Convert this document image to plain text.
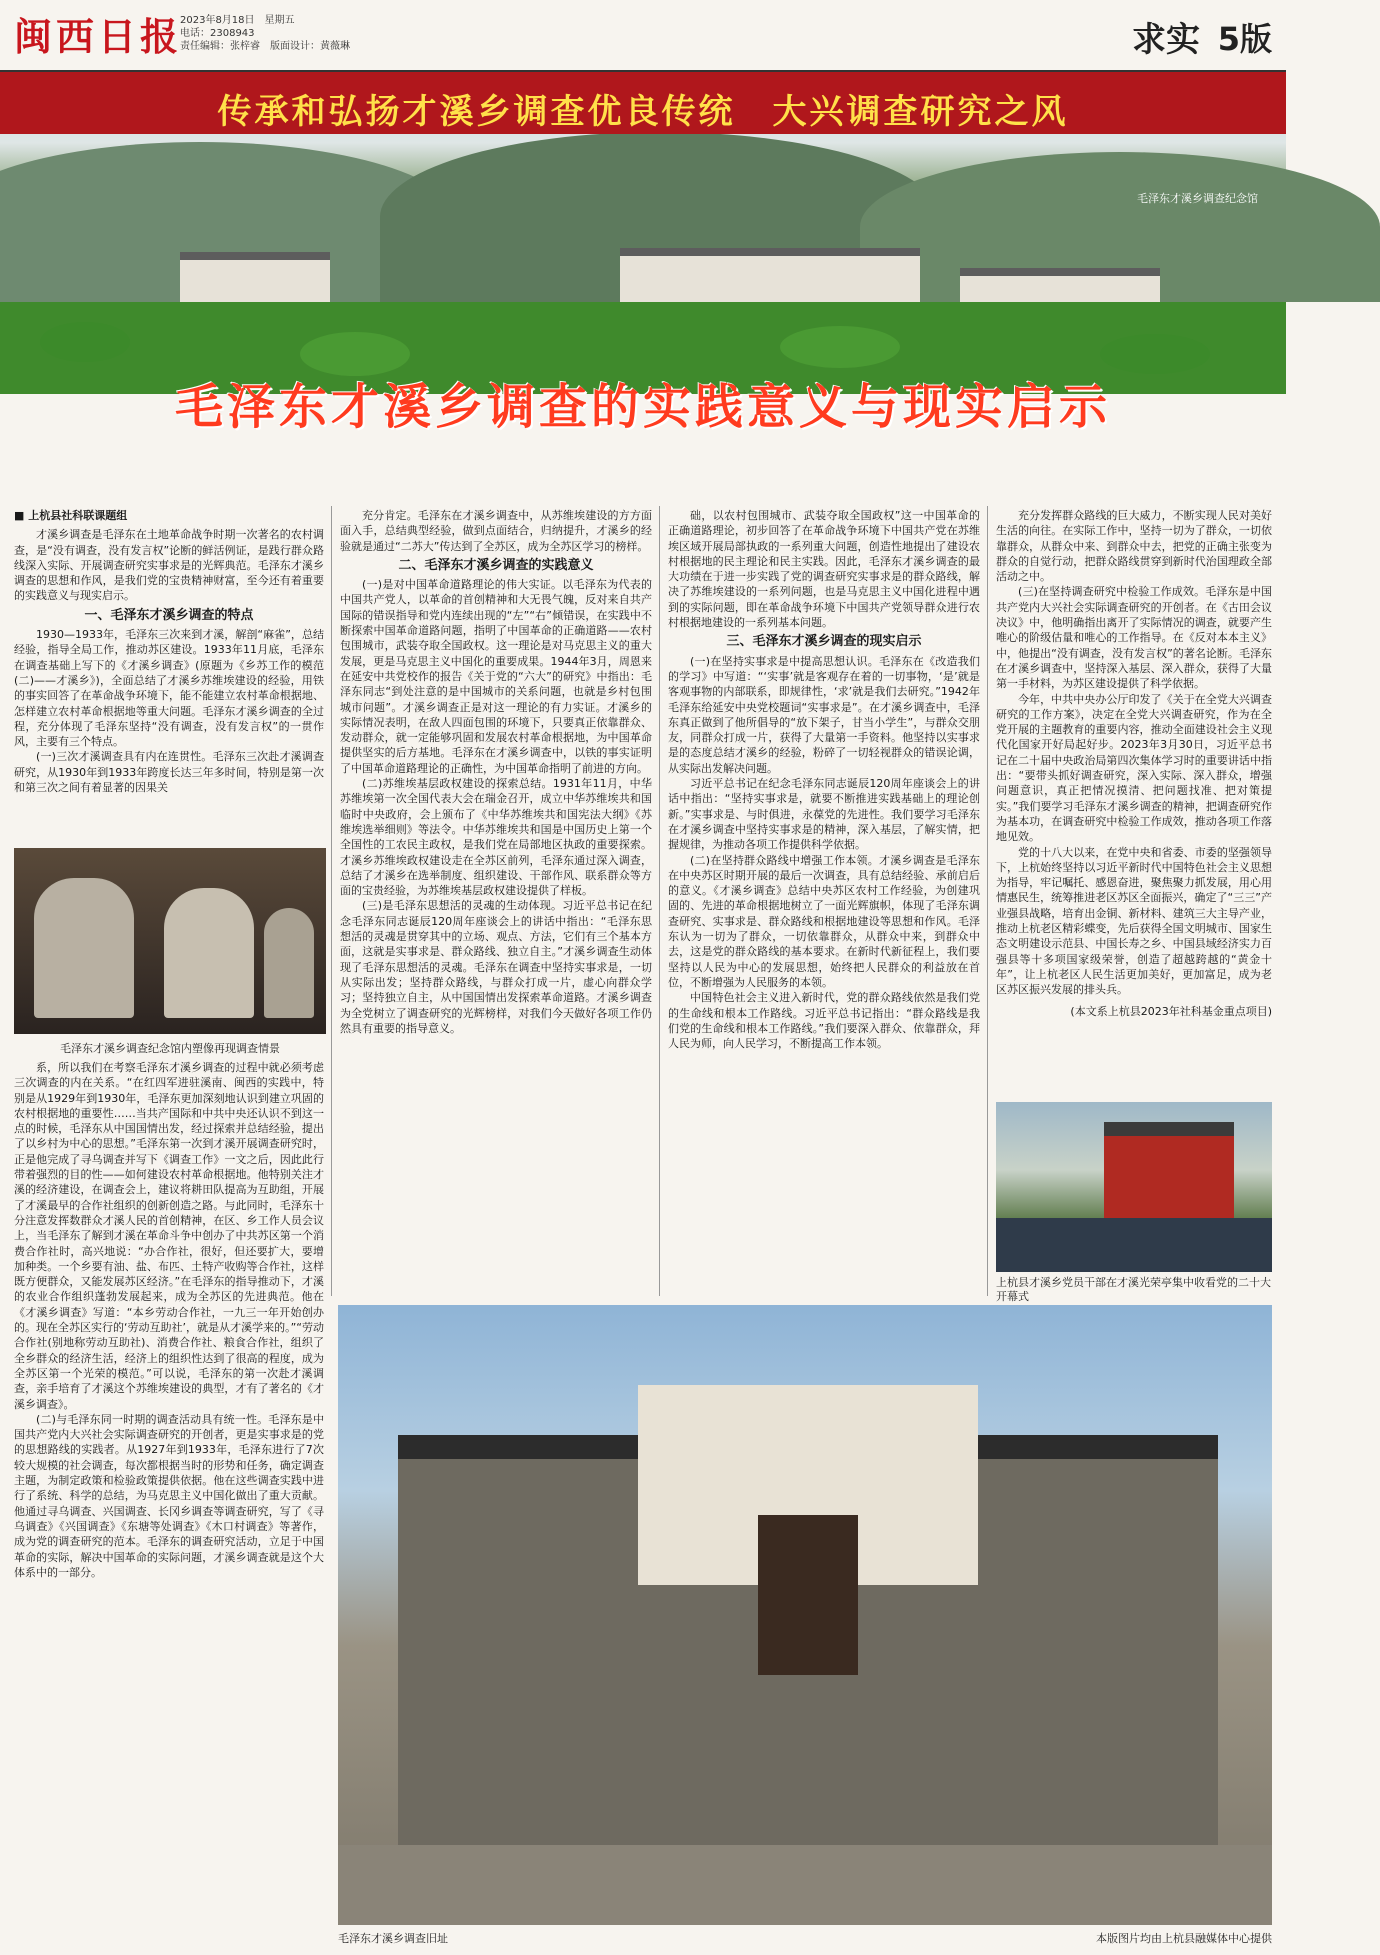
闽西日报
2023年8月18日　星期五
电话：2308943
责任编辑：张梓睿　版面设计：黄薇琳	求实 5版
传承和弘扬才溪乡调查优良传统　大兴调查研究之风
毛泽东才溪乡调查纪念馆
毛泽东才溪乡调查的实践意义与现实启示
■ 上杭县社科联课题组

才溪乡调查是毛泽东在土地革命战争时期一次著名的农村调查，是“没有调查，没有发言权”论断的鲜活例证，是践行群众路线深入实际、开展调查研究实事求是的光辉典范。毛泽东才溪乡调查的思想和作风，是我们党的宝贵精神财富，至今还有着重要的实践意义与现实启示。

一、毛泽东才溪乡调查的特点

1930—1933年，毛泽东三次来到才溪，解剖“麻雀”，总结经验，指导全局工作，推动苏区建设。1933年11月底，毛泽东在调查基础上写下的《才溪乡调查》(原题为《乡苏工作的模范(二)——才溪乡》)，全面总结了才溪乡苏维埃建设的经验，用铁的事实回答了在革命战争环境下，能不能建立农村革命根据地、怎样建立农村革命根据地等重大问题。毛泽东才溪乡调查的全过程，充分体现了毛泽东坚持“没有调查，没有发言权”的一贯作风，主要有三个特点。

(一)三次才溪调查具有内在连贯性。毛泽东三次赴才溪调查研究，从1930年到1933年跨度长达三年多时间，特别是第一次和第三次之间有着显著的因果关

毛泽东才溪乡调查纪念馆内塑像再现调查情景

系，所以我们在考察毛泽东才溪乡调查的过程中就必须考虑三次调查的内在关系。“在红四军进驻溪南、闽西的实践中，特别是从1929年到1930年，毛泽东更加深刻地认识到建立巩固的农村根据地的重要性……当共产国际和中共中央还认识不到这一点的时候，毛泽东从中国国情出发，经过探索并总结经验，提出了以乡村为中心的思想。”毛泽东第一次到才溪开展调查研究时，正是他完成了寻乌调查并写下《调查工作》一文之后，因此此行带着强烈的目的性——如何建设农村革命根据地。他特别关注才溪的经济建设，在调查会上，建议将耕田队提高为互助组，开展了才溪最早的合作社组织的创新创造之路。与此同时，毛泽东十分注意发挥数群众才溪人民的首创精神，在区、乡工作人员会议上，当毛泽东了解到才溪在革命斗争中创办了中共苏区第一个消费合作社时，高兴地说：“办合作社，很好，但还要扩大，要增加种类。一个乡要有油、盐、布匹、土特产收购等合作社，这样既方便群众，又能发展苏区经济。”在毛泽东的指导推动下，才溪的农业合作组织蓬勃发展起来，成为全苏区的先进典范。他在《才溪乡调查》写道：“本乡劳动合作社，一九三一年开始创办的。现在全苏区实行的‘劳动互助社’，就是从才溪学来的。”“劳动合作社(别地称劳动互助社)、消费合作社、粮食合作社，组织了全乡群众的经济生活，经济上的组织性达到了很高的程度，成为全苏区第一个光荣的模范。”可以说，毛泽东的第一次赴才溪调查，亲手培育了才溪这个苏维埃建设的典型，才有了著名的《才溪乡调查》。

(二)与毛泽东同一时期的调查活动具有统一性。毛泽东是中国共产党内大兴社会实际调查研究的开创者，更是实事求是的党的思想路线的实践者。从1927年到1933年，毛泽东进行了7次较大规模的社会调查，每次都根据当时的形势和任务，确定调查主题，为制定政策和检验政策提供依据。他在这些调查实践中进行了系统、科学的总结，为马克思主义中国化做出了重大贡献。他通过寻乌调查、兴国调查、长冈乡调查等调查研究，写了《寻乌调查》《兴国调查》《东塘等处调查》《木口村调查》等著作，成为党的调查研究的范本。毛泽东的调查研究活动，立足于中国革命的实际，解决中国革命的实际问题，才溪乡调查就是这个大体系中的一部分。

充分肯定。毛泽东在才溪乡调查中，从苏维埃建设的方方面面入手，总结典型经验，做到点面结合，归纳提升，才溪乡的经验就是通过“二苏大”传达到了全苏区，成为全苏区学习的榜样。

二、毛泽东才溪乡调查的实践意义

(一)是对中国革命道路理论的伟大实证。以毛泽东为代表的中国共产党人，以革命的首创精神和大无畏气魄，反对来自共产国际的错误指导和党内连续出现的“左”“右”倾错误，在实践中不断探索中国革命道路问题，指明了中国革命的正确道路——农村包围城市，武装夺取全国政权。这一理论是对马克思主义的重大发展，更是马克思主义中国化的重要成果。1944年3月，周恩来在延安中共党校作的报告《关于党的“六大”的研究》中指出：毛泽东同志“到处注意的是中国城市的关系问题，也就是乡村包围城市问题”。才溪乡调查正是对这一理论的有力实证。才溪乡的实际情况表明，在敌人四面包围的环境下，只要真正依靠群众、发动群众，就一定能够巩固和发展农村革命根据地，为中国革命提供坚实的后方基地。毛泽东在才溪乡调查中，以铁的事实证明了中国革命道路理论的正确性，为中国革命指明了前进的方向。

(二)苏维埃基层政权建设的探索总结。1931年11月，中华苏维埃第一次全国代表大会在瑞金召开，成立中华苏维埃共和国临时中央政府，会上颁布了《中华苏维埃共和国宪法大纲》《苏维埃选举细则》等法令。中华苏维埃共和国是中国历史上第一个全国性的工农民主政权，是我们党在局部地区执政的重要探索。才溪乡苏维埃政权建设走在全苏区前列，毛泽东通过深入调查，总结了才溪乡在选举制度、组织建设、干部作风、联系群众等方面的宝贵经验，为苏维埃基层政权建设提供了样板。

(三)是毛泽东思想活的灵魂的生动体现。习近平总书记在纪念毛泽东同志诞辰120周年座谈会上的讲话中指出：“毛泽东思想活的灵魂是贯穿其中的立场、观点、方法，它们有三个基本方面，这就是实事求是、群众路线、独立自主。”才溪乡调查生动体现了毛泽东思想活的灵魂。毛泽东在调查中坚持实事求是，一切从实际出发；坚持群众路线，与群众打成一片，虚心向群众学习；坚持独立自主，从中国国情出发探索革命道路。才溪乡调查为全党树立了调查研究的光辉榜样，对我们今天做好各项工作仍然具有重要的指导意义。

础，以农村包围城市、武装夺取全国政权”这一中国革命的正确道路理论，初步回答了在革命战争环境下中国共产党在苏维埃区域开展局部执政的一系列重大问题，创造性地提出了建设农村根据地的民主理论和民主实践。因此，毛泽东才溪乡调查的最大功绩在于进一步实践了党的调查研究实事求是的群众路线，解决了苏维埃建设的一系列问题，也是马克思主义中国化进程中遇到的实际问题，即在革命战争环境下中国共产党领导群众进行农村根据地建设的一系列基本问题。

三、毛泽东才溪乡调查的现实启示

(一)在坚持实事求是中提高思想认识。毛泽东在《改造我们的学习》中写道：“‘实事’就是客观存在着的一切事物，‘是’就是客观事物的内部联系，即规律性，‘求’就是我们去研究。”1942年毛泽东给延安中央党校题词“实事求是”。在才溪乡调查中，毛泽东真正做到了他所倡导的“放下架子，甘当小学生”，与群众交朋友，同群众打成一片，获得了大量第一手资料。他坚持以实事求是的态度总结才溪乡的经验，粉碎了一切轻视群众的错误论调，从实际出发解决问题。

习近平总书记在纪念毛泽东同志诞辰120周年座谈会上的讲话中指出：“坚持实事求是，就要不断推进实践基础上的理论创新。”实事求是、与时俱进，永葆党的先进性。我们要学习毛泽东在才溪乡调查中坚持实事求是的精神，深入基层，了解实情，把握规律，为推动各项工作提供科学依据。

(二)在坚持群众路线中增强工作本领。才溪乡调查是毛泽东在中央苏区时期开展的最后一次调查，具有总结经验、承前启后的意义。《才溪乡调查》总结中央苏区农村工作经验，为创建巩固的、先进的革命根据地树立了一面光辉旗帜，体现了毛泽东调查研究、实事求是、群众路线和根据地建设等思想和作风。毛泽东认为一切为了群众，一切依靠群众，从群众中来，到群众中去，这是党的群众路线的基本要求。在新时代新征程上，我们要坚持以人民为中心的发展思想，始终把人民群众的利益放在首位，不断增强为人民服务的本领。

中国特色社会主义进入新时代，党的群众路线依然是我们党的生命线和根本工作路线。习近平总书记指出：“群众路线是我们党的生命线和根本工作路线。”我们要深入群众、依靠群众，拜人民为师，向人民学习，不断提高工作本领。

充分发挥群众路线的巨大威力，不断实现人民对美好生活的向往。在实际工作中，坚持一切为了群众，一切依靠群众，从群众中来、到群众中去，把党的正确主张变为群众的自觉行动，把群众路线贯穿到新时代治国理政全部活动之中。

(三)在坚持调查研究中检验工作成效。毛泽东是中国共产党内大兴社会实际调查研究的开创者。在《古田会议决议》中，他明确指出离开了实际情况的调查，就要产生唯心的阶级估量和唯心的工作指导。在《反对本本主义》中，他提出“没有调查，没有发言权”的著名论断。毛泽东在才溪乡调查中，坚持深入基层、深入群众，获得了大量第一手材料，为苏区建设提供了科学依据。

今年，中共中央办公厅印发了《关于在全党大兴调查研究的工作方案》，决定在全党大兴调查研究，作为在全党开展的主题教育的重要内容，推动全面建设社会主义现代化国家开好局起好步。2023年3月30日，习近平总书记在二十届中央政治局第四次集体学习时的重要讲话中指出：“要带头抓好调查研究，深入实际、深入群众，增强问题意识，真正把情况摸清、把问题找准、把对策提实。”我们要学习毛泽东才溪乡调查的精神，把调查研究作为基本功，在调查研究中检验工作成效，推动各项工作落地见效。

党的十八大以来，在党中央和省委、市委的坚强领导下，上杭始终坚持以习近平新时代中国特色社会主义思想为指导，牢记嘱托、感恩奋进，聚焦聚力抓发展，用心用情惠民生，统筹推进老区苏区全面振兴，确定了“三三”产业强县战略，培育出金铜、新材料、建筑三大主导产业，推动上杭老区精彩蝶变，先后获得全国文明城市、国家生态文明建设示范县、中国长寿之乡、中国县域经济实力百强县等十多项国家级荣誉，创造了超越跨越的“黄金十年”，让上杭老区人民生活更加美好，更加富足，成为老区苏区振兴发展的排头兵。

(本文系上杭县2023年社科基金重点项目)
上杭县才溪乡党员干部在才溪光荣亭集中收看党的二十大开幕式
毛泽东才溪乡调查旧址	本版图片均由上杭县融媒体中心提供
